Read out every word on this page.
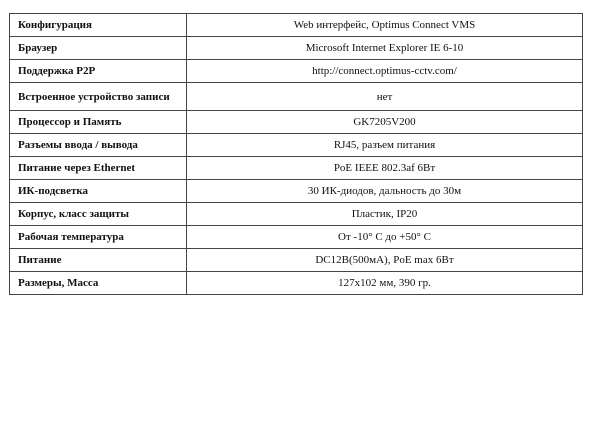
Конфигурация	Web интерфейс, Optimus Connect VMS
Браузер	Microsoft Internet Explorer IE 6-10
Поддержка P2P	http://connect.optimus-cctv.com/
Встроенное устройство записи	нет
Процессор и Память	GK7205V200
Разъемы ввода / вывода	RJ45, разъем питания
Питание через Ethernet	PoE IEEE 802.3af 6Вт
ИК-подсветка	30 ИК-диодов, дальность до 30м
Корпус, класс защиты	Пластик, IP20
Рабочая температура	От -10° C до +50° C
Питание	DC12В(500мА), PoE max 6Вт
Размеры, Масса	127x102 мм, 390 гр.
